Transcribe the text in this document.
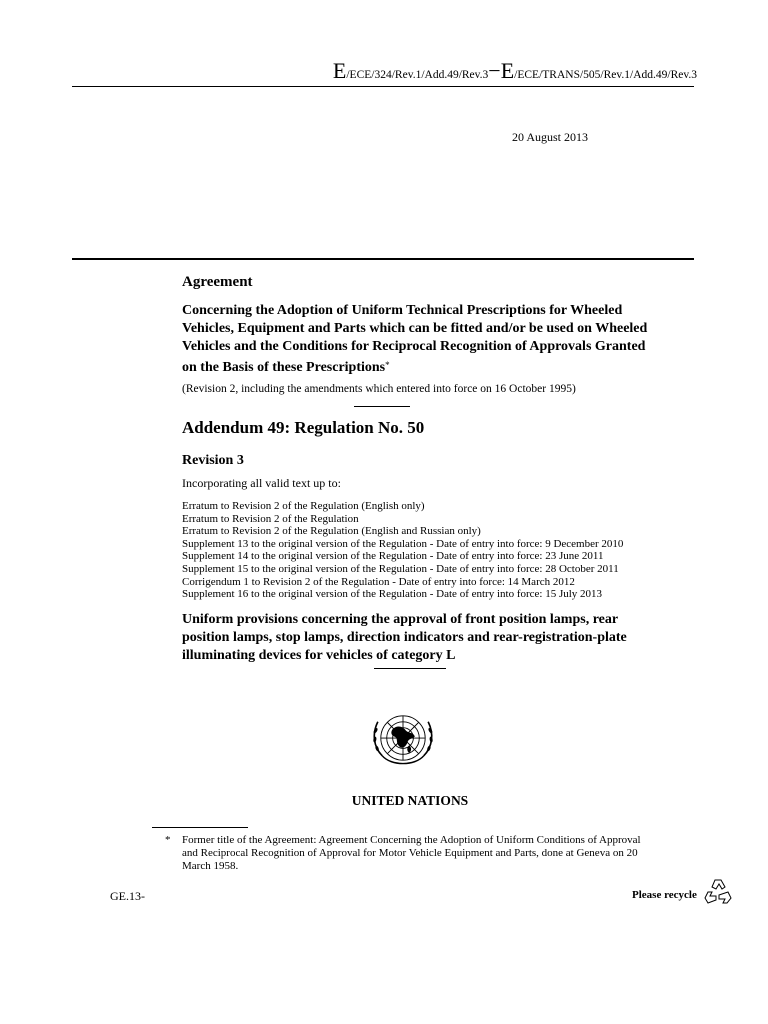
E/ECE/324/Rev.1/Add.49/Rev.3−E/ECE/TRANS/505/Rev.1/Add.49/Rev.3
20 August 2013
Agreement
Concerning the Adoption of Uniform Technical Prescriptions for Wheeled Vehicles, Equipment and Parts which can be fitted and/or be used on Wheeled Vehicles and the Conditions for Reciprocal Recognition of Approvals Granted on the Basis of these Prescriptions*
(Revision 2, including the amendments which entered into force on 16 October 1995)
Addendum 49: Regulation No. 50
Revision 3
Incorporating all valid text up to:
Erratum to Revision 2 of the Regulation (English only)
Erratum to Revision 2 of the Regulation
Erratum to Revision 2 of the Regulation (English and Russian only)
Supplement 13 to the original version of the Regulation - Date of entry into force: 9 December 2010
Supplement 14 to the original version of the Regulation - Date of entry into force: 23 June 2011
Supplement 15 to the original version of the Regulation - Date of entry into force: 28 October 2011
Corrigendum 1 to Revision 2 of the Regulation - Date of entry into force: 14 March 2012
Supplement 16 to the original version of the Regulation - Date of entry into force: 15 July 2013
Uniform provisions concerning the approval of front position lamps, rear position lamps, stop lamps, direction indicators and rear-registration-plate illuminating devices for vehicles of category L
UNITED NATIONS
* Former title of the Agreement: Agreement Concerning the Adoption of Uniform Conditions of Approval and Reciprocal Recognition of Approval for Motor Vehicle Equipment and Parts, done at Geneva on 20 March 1958.
GE.13-	Please recycle
